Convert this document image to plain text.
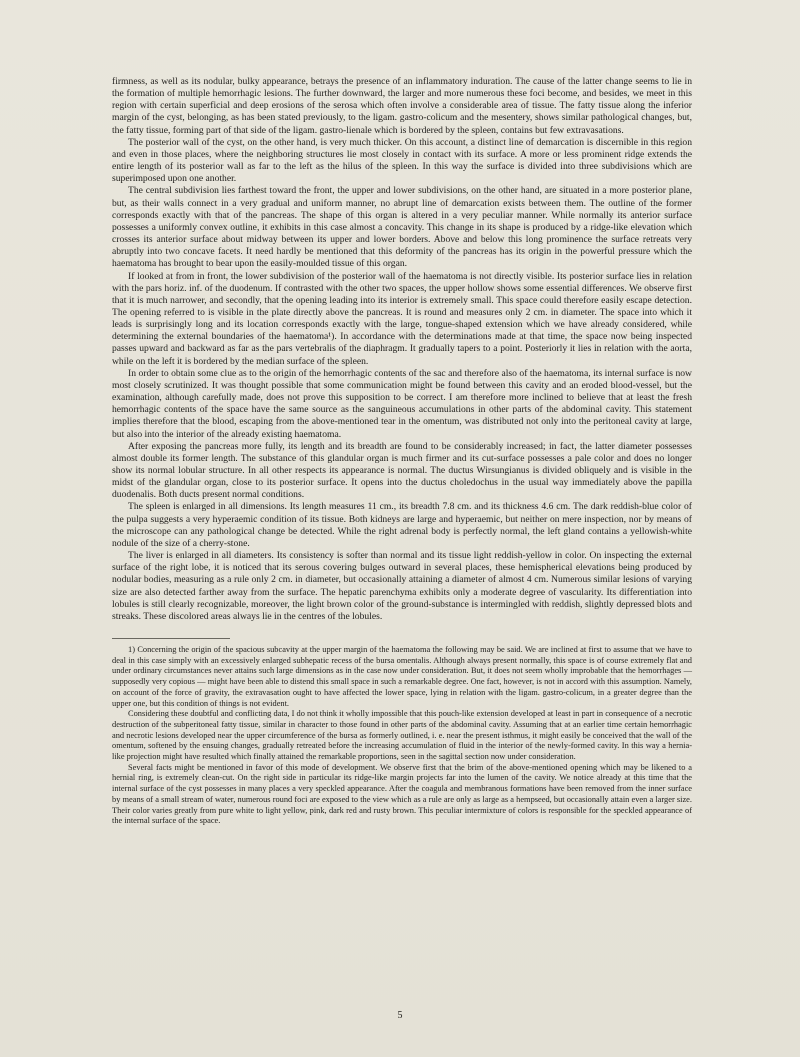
firmness, as well as its nodular, bulky appearance, betrays the presence of an inflammatory induration. The cause of the latter change seems to lie in the formation of multiple hemorrhagic lesions. The further downward, the larger and more numerous these foci become, and besides, we meet in this region with certain superficial and deep erosions of the serosa which often involve a considerable area of tissue. The fatty tissue along the inferior margin of the cyst, belonging, as has been stated previously, to the ligam. gastro-colicum and the mesentery, shows similar pathological changes, but, the fatty tissue, forming part of that side of the ligam. gastro-lienale which is bordered by the spleen, contains but few extravasations.

The posterior wall of the cyst, on the other hand, is very much thicker. On this account, a distinct line of demarcation is discernible in this region and even in those places, where the neighboring structures lie most closely in contact with its surface. A more or less prominent ridge extends the entire length of its posterior wall as far to the left as the hilus of the spleen. In this way the surface is divided into three subdivisions which are superimposed upon one another.

The central subdivision lies farthest toward the front, the upper and lower subdivisions, on the other hand, are situated in a more posterior plane, but, as their walls connect in a very gradual and uniform manner, no abrupt line of demarcation exists between them. The outline of the former corresponds exactly with that of the pancreas. The shape of this organ is altered in a very peculiar manner. While normally its anterior surface possesses a uniformly convex outline, it exhibits in this case almost a concavity. This change in its shape is produced by a ridge-like elevation which crosses its anterior surface about midway between its upper and lower borders. Above and below this long prominence the surface retreats very abruptly into two concave facets. It need hardly be mentioned that this deformity of the pancreas has its origin in the powerful pressure which the haematoma has brought to bear upon the easily-moulded tissue of this organ.

If looked at from in front, the lower subdivision of the posterior wall of the haematoma is not directly visible. Its posterior surface lies in relation with the pars horiz. inf. of the duodenum. If contrasted with the other two spaces, the upper hollow shows some essential differences. We observe first that it is much narrower, and secondly, that the opening leading into its interior is extremely small. This space could therefore easily escape detection. The opening referred to is visible in the plate directly above the pancreas. It is round and measures only 2 cm. in diameter. The space into which it leads is surprisingly long and its location corresponds exactly with the large, tongue-shaped extension which we have already considered, while determining the external boundaries of the haematoma¹). In accordance with the determinations made at that time, the space now being inspected passes upward and backward as far as the pars vertebralis of the diaphragm. It gradually tapers to a point. Posteriorly it lies in relation with the aorta, while on the left it is bordered by the median surface of the spleen.

In order to obtain some clue as to the origin of the hemorrhagic contents of the sac and therefore also of the haematoma, its internal surface is now most closely scrutinized. It was thought possible that some communication might be found between this cavity and an eroded blood-vessel, but the examination, although carefully made, does not prove this supposition to be correct. I am therefore more inclined to believe that at least the fresh hemorrhagic contents of the space have the same source as the sanguineous accumulations in other parts of the abdominal cavity. This statement implies therefore that the blood, escaping from the above-mentioned tear in the omentum, was distributed not only into the peritoneal cavity at large, but also into the interior of the already existing haematoma.

After exposing the pancreas more fully, its length and its breadth are found to be considerably increased; in fact, the latter diameter possesses almost double its former length. The substance of this glandular organ is much firmer and its cut-surface possesses a pale color and does no longer show its normal lobular structure. In all other respects its appearance is normal. The ductus Wirsungianus is divided obliquely and is visible in the midst of the glandular organ, close to its posterior surface. It opens into the ductus choledochus in the usual way immediately above the papilla duodenalis. Both ducts present normal conditions.

The spleen is enlarged in all dimensions. Its length measures 11 cm., its breadth 7.8 cm. and its thickness 4.6 cm. The dark reddish-blue color of the pulpa suggests a very hyperaemic condition of its tissue. Both kidneys are large and hyperaemic, but neither on mere inspection, nor by means of the microscope can any pathological change be detected. While the right adrenal body is perfectly normal, the left gland contains a yellowish-white nodule of the size of a cherry-stone.

The liver is enlarged in all diameters. Its consistency is softer than normal and its tissue light reddish-yellow in color. On inspecting the external surface of the right lobe, it is noticed that its serous covering bulges outward in several places, these hemispherical elevations being produced by nodular bodies, measuring as a rule only 2 cm. in diameter, but occasionally attaining a diameter of almost 4 cm. Numerous similar lesions of varying size are also detected farther away from the surface. The hepatic parenchyma exhibits only a moderate degree of vascularity. Its differentiation into lobules is still clearly recognizable, moreover, the light brown color of the ground-substance is intermingled with reddish, slightly depressed blots and streaks. These discolored areas always lie in the centres of the lobules.

1) Concerning the origin of the spacious subcavity at the upper margin of the haematoma the following may be said. We are inclined at first to assume that we have to deal in this case simply with an excessively enlarged subhepatic recess of the bursa omentalis. Although always present normally, this space is of course extremely flat and under ordinary circumstances never attains such large dimensions as in the case now under consideration. But, it does not seem wholly improbable that the hemorrhages — supposedly very copious — might have been able to distend this small space in such a remarkable degree. One fact, however, is not in accord with this assumption. Namely, on account of the force of gravity, the extravasation ought to have affected the lower space, lying in relation with the ligam. gastro-colicum, in a greater degree than the upper one, but this condition of things is not evident.

Considering these doubtful and conflicting data, I do not think it wholly impossible that this pouch-like extension developed at least in part in consequence of a necrotic destruction of the subperitoneal fatty tissue, similar in character to those found in other parts of the abdominal cavity. Assuming that at an earlier time certain hemorrhagic and necrotic lesions developed near the upper circumference of the bursa as formerly outlined, i. e. near the present isthmus, it might easily be conceived that the wall of the omentum, softened by the ensuing changes, gradually retreated before the increasing accumulation of fluid in the interior of the newly-formed cavity. In this way a hernia-like projection might have resulted which finally attained the remarkable proportions, seen in the sagittal section now under consideration.

Several facts might be mentioned in favor of this mode of development. We observe first that the brim of the above-mentioned opening which may be likened to a hernial ring, is extremely clean-cut. On the right side in particular its ridge-like margin projects far into the lumen of the cavity. We notice already at this time that the internal surface of the cyst possesses in many places a very speckled appearance. After the coagula and membranous formations have been removed from the inner surface by means of a small stream of water, numerous round foci are exposed to the view which as a rule are only as large as a hempseed, but occasionally attain even a larger size. Their color varies greatly from pure white to light yellow, pink, dark red and rusty brown. This peculiar intermixture of colors is responsible for the speckled appearance of the internal surface of the space.

5
